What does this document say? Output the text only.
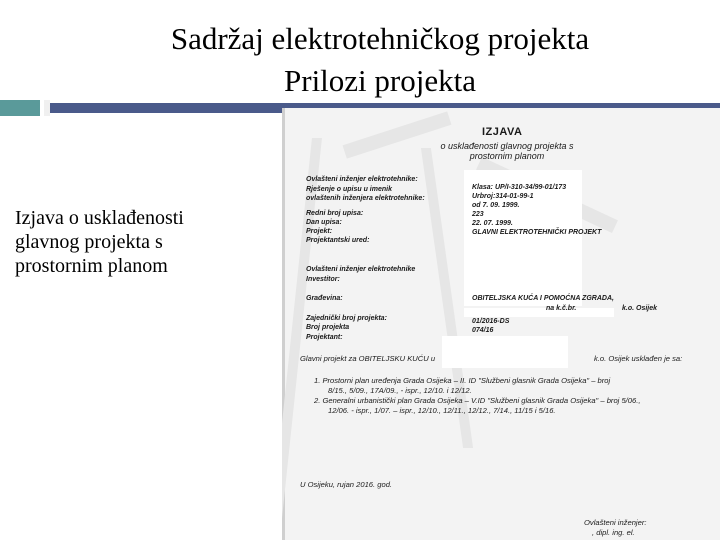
Sadržaj elektrotehničkog projekta
Prilozi projekta
Izjava o usklađenosti
glavnog projekta s
prostornim planom
IZJAVA
o usklađenosti glavnog projekta s
prostornim planom
Ovlašteni inženjer elektrotehnike:
Rješenje o upisu u imenik
ovlaštenih inženjera elektrotehnike:
Redni broj upisa:
Dan upisa:
Projekt:
Projektantski ured:
Ovlašteni inženjer elektrotehnike
Investitor:
Građevina:
Zajednički broj projekta:
Broj projekta
Projektant:
Klasa: UP/I-310-34/99-01/173
Urbroj:314-01-99-1
od 7. 09. 1999.
223
22. 07. 1999.
GLAVNI ELEKTROTEHNIČKI PROJEKT
OBITELJSKA KUĆA I POMOĆNA ZGRADA,
na k.č.br.	k.o. Osijek
01/2016-DS
074/16
Glavni projekt za OBITELJSKU KUĆU u	k.o. Osijek usklađen je sa:
1. Prostorni plan uređenja Grada Osijeka – II. ID "Službeni glasnik Grada Osijeka" – broj
8/15., 5/09., 17A/09., - ispr., 12/10. i 12/12.
2. Generalni urbanistički plan Grada Osijeka – V.ID "Službeni glasnik Grada Osijeka" – broj 5/06.,
12/06. - ispr., 1/07. – ispr., 12/10., 12/11., 12/12., 7/14., 11/15 i 5/16.
U Osijeku, rujan 2016. god.
Ovlašteni inženjer:
, dipl. ing. el.
